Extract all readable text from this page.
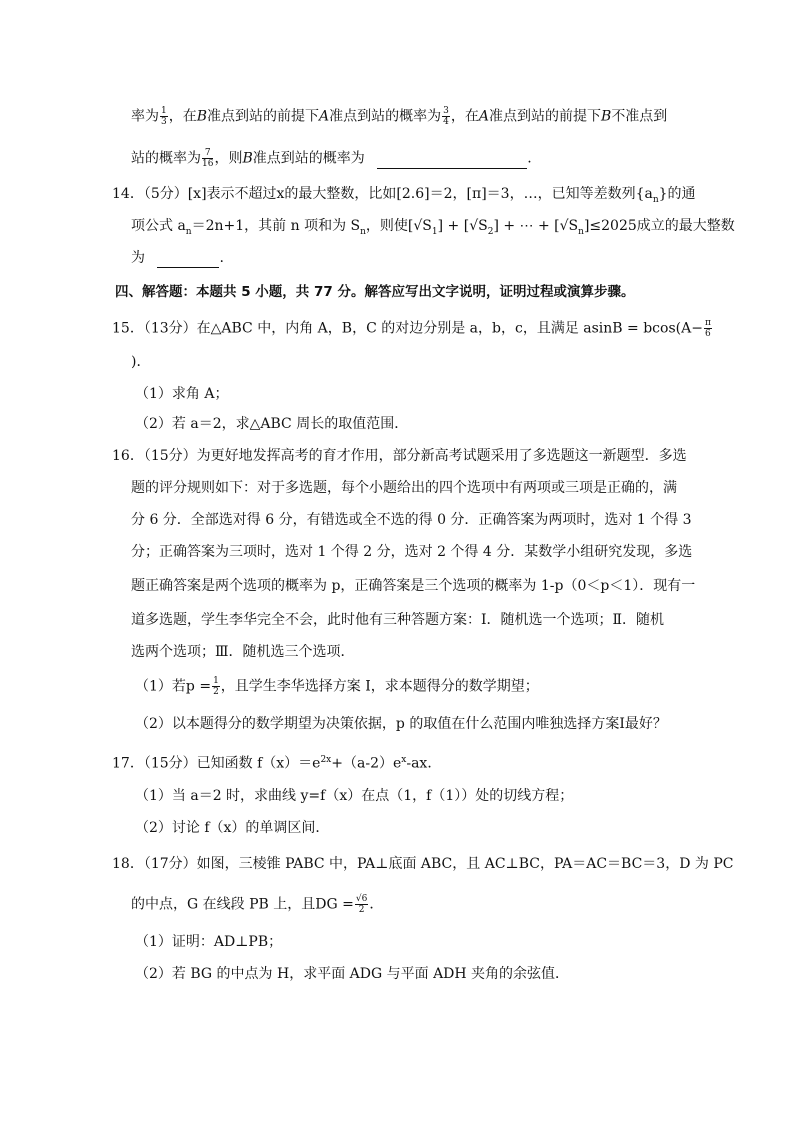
率为 $\frac{1}{3}$ ，在B准点到站的前提下A准点到站的概率为 $\frac{3}{4}$ ，在A准点到站的前提下B不准点到
站的概率为 $\frac{7}{16}$ ，则B准点到站的概率为	.
14．（5分）[x]表示不超过x的最大整数，比如[2.6]＝2，[π]＝3，…，已知等差数列$\{a_n\}$的通
项公式 $a_n=2n+1$，其前 n 项和为 $S_n$，则使$[√S_1] + [√S_2]$ + ⋯ + $[√S_n]\le 2025$成立的最大整数
为	.
四、解答题：本题共 5 小题，共 77 分。解答应写出文字说明，证明过程或演算步骤。
15．（13分）在△ABC 中，内角 A，B，C 的对边分别是 a，b，c，且满足 $asinB = bcos(A- \frac{\pi}{6}$
)．
（1）求角 A；
（2）若 a＝2，求△ABC 周长的取值范围．
16．（15分）为更好地发挥高考的育才作用，部分新高考试题采用了多选题这一新题型．多选
题的评分规则如下：对于多选题，每个小题给出的四个选项中有两项或三项是正确的，满
分 6 分．全部选对得 6 分，有错选或全不选的得 0 分．正确答案为两项时，选对 1 个得 3
分；正确答案为三项时，选对 1 个得 2 分，选对 2 个得 4 分．某数学小组研究发现，多选
题正确答案是两个选项的概率为 p，正确答案是三个选项的概率为 1-p（0＜p＜1）．现有一
道多选题，学生李华完全不会，此时他有三种答题方案：Ⅰ．随机选一个选项；Ⅱ．随机
选两个选项；Ⅲ．随机选三个选项．
（1）若$p = \frac{1}{2}$ ，且学生李华选择方案 I，求本题得分的数学期望；
（2）以本题得分的数学期望为决策依据，p 的取值在什么范围内唯独选择方案Ⅰ最好？
17．（15分）已知函数 $f(x)=e^{2x}+(a-2)e^x-ax$．
（1）当 a＝2 时，求曲线 y=f（x）在点（1，f（1））处的切线方程；
（2）讨论 f（x）的单调区间．
18．（17分）如图，三棱锥 PABC 中，PA⊥底面 ABC，且 AC⊥BC，PA＝AC＝BC＝3，D 为 PC
的中点，G 在线段 PB 上，且DG = $\frac{√6}{2}$ ．
（1）证明：AD⊥PB；
（2）若 BG 的中点为 H，求平面 ADG 与平面 ADH 夹角的余弦值．
